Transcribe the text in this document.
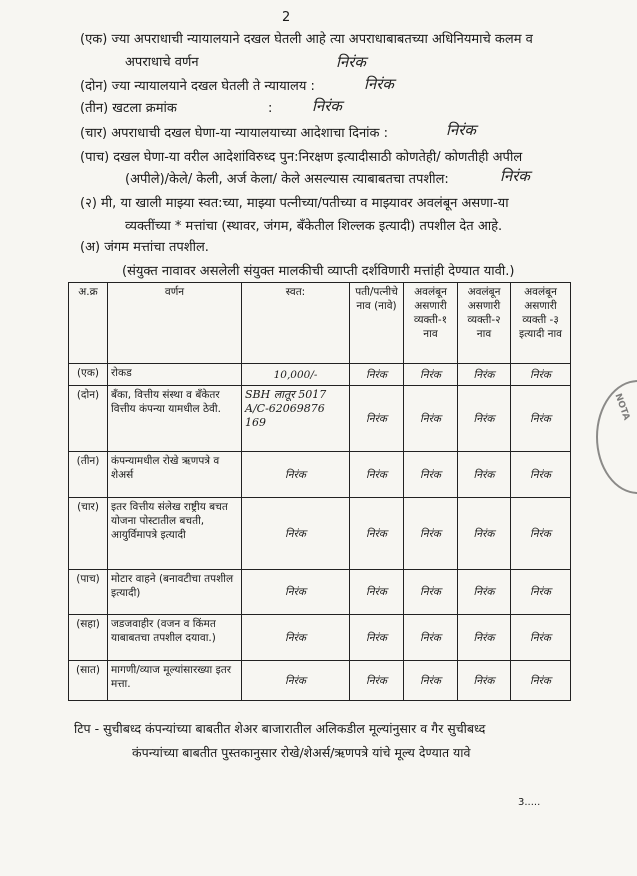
2
(एक) ज्या अपराधाची न्यायालयाने दखल घेतली आहे त्या अपराधाबाबतच्या अधिनियमाचे कलम व
अपराधाचे वर्णन	निरंक
(दोन) ज्या न्यायालयाने दखल घेतली ते न्यायालय :	निरंक
(तीन) खटला क्रमांक	:	निरंक
(चार) अपराधाची दखल घेणा-या न्यायालयाच्या आदेशाचा दिनांक :	निरंक
(पाच) दखल घेणा-या वरील आदेशांविरुध्द पुन:निरक्षण इत्यादीसाठी कोणतेही/ कोणतीही अपील
(अपीले)/केले/ केली, अर्ज केला/ केले असल्यास त्याबाबतचा तपशील:	निरंक
(२) मी, या खाली माझ्या स्वत:च्या, माझ्या पत्नीच्या/पतीच्या व माझ्यावर अवलंबून असणा-या
व्यक्तींच्या * मत्तांचा (स्थावर, जंगम, बँकेतील शिल्लक इत्यादी) तपशील देत आहे.
(अ) जंगम मत्तांचा तपशील.
(संयुक्त नावावर असलेली संयुक्त मालकीची व्याप्ती दर्शविणारी मत्तांही देण्यात यावी.)
अ.क्र	वर्णन	स्वत:	पती/पत्नीचे नाव (नावे)	अवलंबून असणारी व्यक्ती-१ नाव	अवलंबून असणारी व्यक्ती-२ नाव	अवलंबून असणारी व्यक्ती -३ इत्यादी नाव
(एक)	रोकड	10,000/-	निरंक	निरंक	निरंक	निरंक
(दोन)	बँका, वित्तीय संस्था व बँकेतर वित्तीय कंपन्या यामधील ठेवी.	SBH लातूर 5017 A/C-62069876 169	निरंक	निरंक	निरंक	निरंक
(तीन)	कंपन्यामधील रोखे ऋणपत्रे व शेअर्स	निरंक	निरंक	निरंक	निरंक	निरंक
(चार)	इतर वित्तीय संलेख राष्ट्रीय बचत योजना पोस्टातील बचती, आयुर्विमापत्रे इत्यादी	निरंक	निरंक	निरंक	निरंक	निरंक
(पाच)	मोटार वाहने (बनावटीचा तपशील इत्यादी)	निरंक	निरंक	निरंक	निरंक	निरंक
(सहा)	जडजवाहीर (वजन व किंमत याबाबतचा तपशील दयावा.)	निरंक	निरंक	निरंक	निरंक	निरंक
(सात)	मागणी/व्याज मूल्यांसारख्या इतर मत्ता.	निरंक	निरंक	निरंक	निरंक	निरंक
NOTA
टिप - सुचीबध्द कंपन्यांच्या बाबतीत शेअर बाजारातील अलिकडील मूल्यांनुसार व गैर सुचीबध्द
कंपन्यांच्या बाबतीत पुस्तकानुसार रोखे/शेअर्स/ऋणपत्रे यांचे मूल्य देण्यात यावे
3.....
